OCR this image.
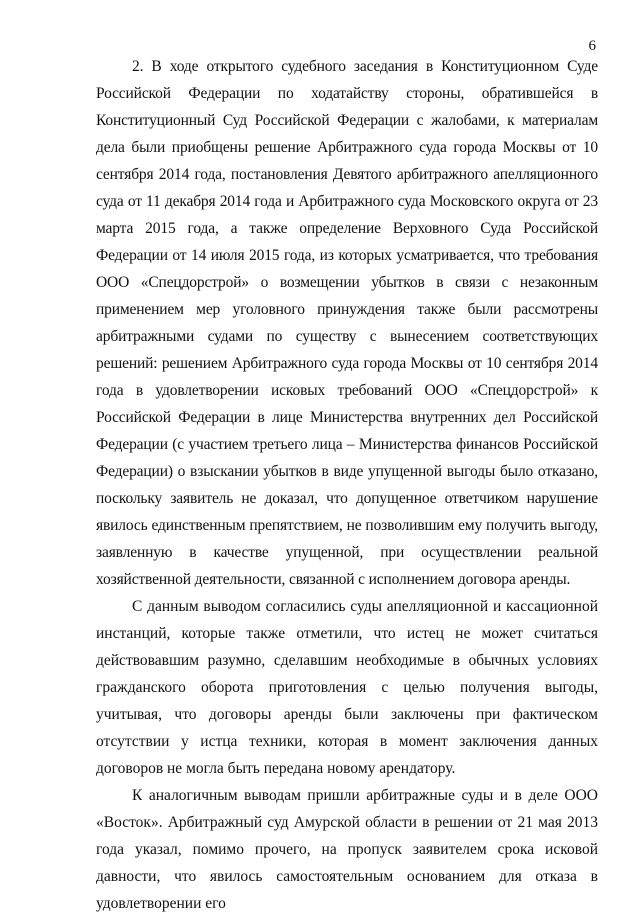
6

2. В ходе открытого судебного заседания в Конституционном Суде Российской Федерации по ходатайству стороны, обратившейся в Конституционный Суд Российской Федерации с жалобами, к материалам дела были приобщены решение Арбитражного суда города Москвы от 10 сентября 2014 года, постановления Девятого арбитражного апелляционного суда от 11 декабря 2014 года и Арбитражного суда Московского округа от 23 марта 2015 года, а также определение Верховного Суда Российской Федерации от 14 июля 2015 года, из которых усматривается, что требования ООО «Спецдорстрой» о возмещении убытков в связи с незаконным применением мер уголовного принуждения также были рассмотрены арбитражными судами по существу с вынесением соответствующих решений: решением Арбитражного суда города Москвы от 10 сентября 2014 года в удовлетворении исковых требований ООО «Спецдорстрой» к Российской Федерации в лице Министерства внутренних дел Российской Федерации (с участием третьего лица – Министерства финансов Российской Федерации) о взыскании убытков в виде упущенной выгоды было отказано, поскольку заявитель не доказал, что допущенное ответчиком нарушение явилось единственным препятствием, не позволившим ему получить выгоду, заявленную в качестве упущенной, при осуществлении реальной хозяйственной деятельности, связанной с исполнением договора аренды.

С данным выводом согласились суды апелляционной и кассационной инстанций, которые также отметили, что истец не может считаться действовавшим разумно, сделавшим необходимые в обычных условиях гражданского оборота приготовления с целью получения выгоды, учитывая, что договоры аренды были заключены при фактическом отсутствии у истца техники, которая в момент заключения данных договоров не могла быть передана новому арендатору.

К аналогичным выводам пришли арбитражные суды и в деле ООО «Восток». Арбитражный суд Амурской области в решении от 21 мая 2013 года указал, помимо прочего, на пропуск заявителем срока исковой давности, что явилось самостоятельным основанием для отказа в удовлетворении его
